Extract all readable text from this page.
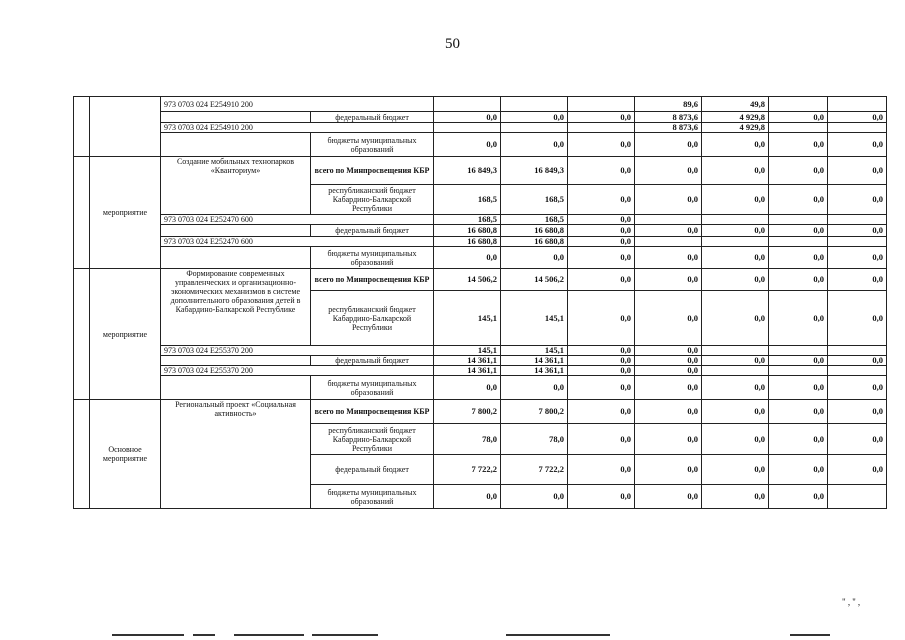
50
		973 0703 024 E254910 200					89,6	49,8		
			федеральный бюджет	0,0	0,0	0,0	8 873,6	4 929,8	0,0	0,0
		973 0703 024 E254910 200					8 873,6	4 929,8		
			бюджеты муниципальных образований	0,0	0,0	0,0	0,0	0,0	0,0	0,0
	мероприятие	Создание мобильных технопарков «Кванториум»	всего по Минпросвещения КБР	16 849,3	16 849,3	0,0	0,0	0,0	0,0	0,0
			республиканский бюджет Кабардино-Балкарской Республики	168,5	168,5	0,0	0,0	0,0	0,0	0,0
		973 0703 024 E252470 600		168,5	168,5	0,0				
			федеральный бюджет	16 680,8	16 680,8	0,0	0,0	0,0	0,0	0,0
		973 0703 024 E252470 600		16 680,8	16 680,8	0,0				
			бюджеты муниципальных образований	0,0	0,0	0,0	0,0	0,0	0,0	0,0
	мероприятие	Формирование современных управленческих и организационно-экономических механизмов в системе дополнительного образования детей в Кабардино-Балкарской Республике	всего по Минпросвещения КБР	14 506,2	14 506,2	0,0	0,0	0,0	0,0	0,0
			республиканский бюджет Кабардино-Балкарской Республики	145,1	145,1	0,0	0,0	0,0	0,0	0,0
		973 0703 024 E255370 200		145,1	145,1	0,0	0,0			
			федеральный бюджет	14 361,1	14 361,1	0,0	0,0	0,0	0,0	0,0
		973 0703 024 E255370 200		14 361,1	14 361,1	0,0	0,0			
			бюджеты муниципальных образований	0,0	0,0	0,0	0,0	0,0	0,0	0,0
	Основное мероприятие	Региональный проект «Социальная активность»	всего по Минпросвещения КБР	7 800,2	7 800,2	0,0	0,0	0,0	0,0	0,0
			республиканский бюджет Кабардино-Балкарской Республики	78,0	78,0	0,0	0,0	0,0	0,0	0,0
			федеральный бюджет	7 722,2	7 722,2	0,0	0,0	0,0	0,0	0,0
			бюджеты муниципальных образований	0,0	0,0	0,0	0,0	0,0	0,0	
" , '' ,
